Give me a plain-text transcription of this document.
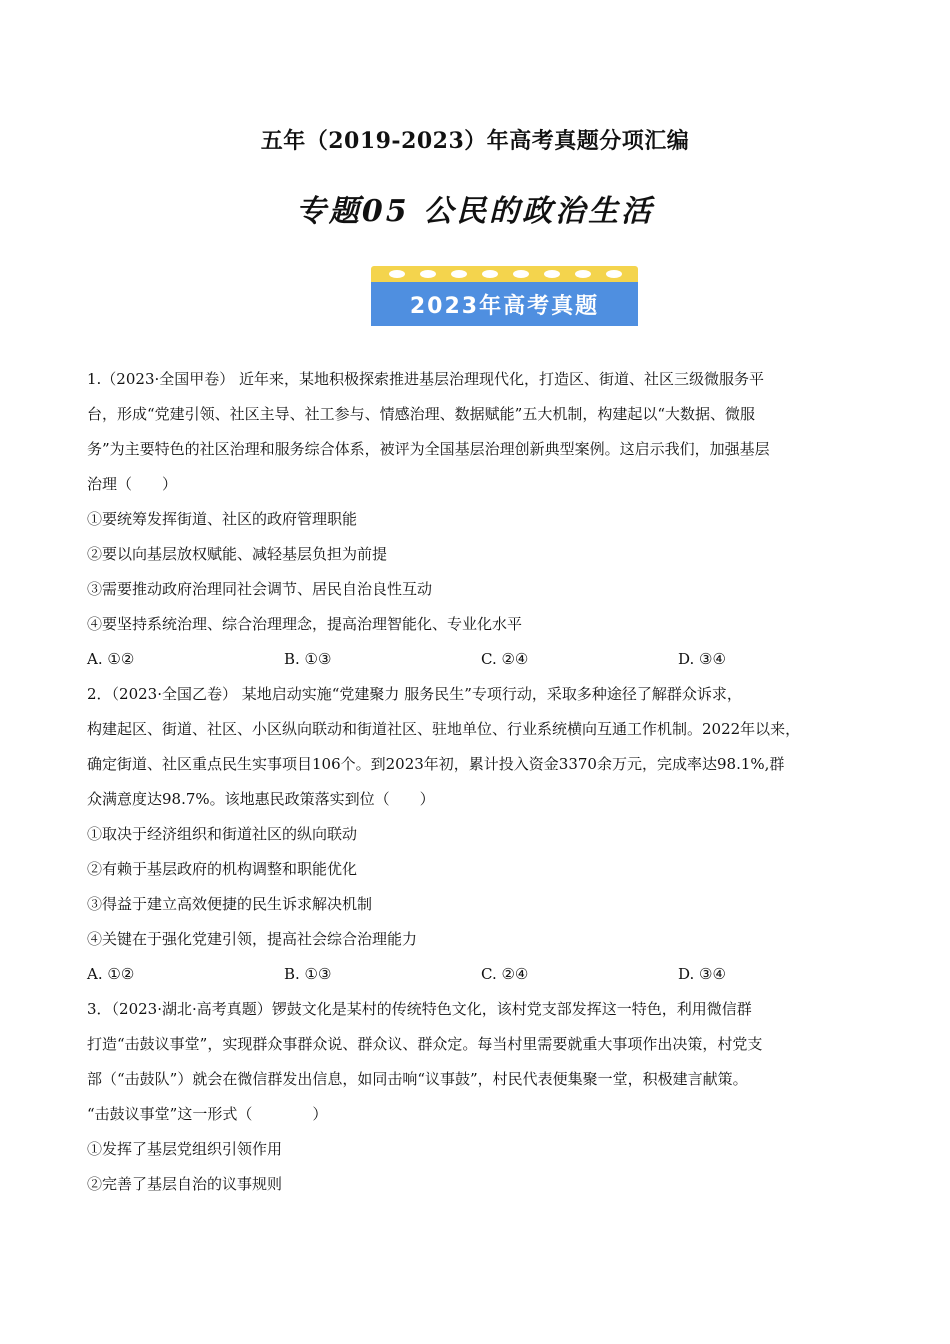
五年（2019-2023）年高考真题分项汇编
专题05 公民的政治生活
2023年高考真题
1.（2023·全国甲卷） 近年来，某地积极探索推进基层治理现代化，打造区、街道、社区三级微服务平
台，形成“党建引领、社区主导、社工参与、情感治理、数据赋能”五大机制，构建起以“大数据、微服
务”为主要特色的社区治理和服务综合体系，被评为全国基层治理创新典型案例。这启示我们，加强基层
治理（　　）
①要统筹发挥街道、社区的政府管理职能
②要以向基层放权赋能、减轻基层负担为前提
③需要推动政府治理同社会调节、居民自治良性互动
④要坚持系统治理、综合治理理念，提高治理智能化、专业化水平
A. ①②	B. ①③	C. ②④	D. ③④
2．（2023·全国乙卷） 某地启动实施“党建聚力 服务民生”专项行动，采取多种途径了解群众诉求，
构建起区、街道、社区、小区纵向联动和街道社区、驻地单位、行业系统横向互通工作机制。2022年以来，
确定街道、社区重点民生实事项目106个。到2023年初，累计投入资金3370余万元，完成率达98.1%,群
众满意度达98.7%。该地惠民政策落实到位（　　）
①取决于经济组织和街道社区的纵向联动
②有赖于基层政府的机构调整和职能优化
③得益于建立高效便捷的民生诉求解决机制
④关键在于强化党建引领，提高社会综合治理能力
A. ①②	B. ①③	C. ②④	D. ③④
3．（2023·湖北·高考真题）锣鼓文化是某村的传统特色文化，该村党支部发挥这一特色，利用微信群
打造“击鼓议事堂”，实现群众事群众说、群众议、群众定。每当村里需要就重大事项作出决策，村党支
部（“击鼓队”）就会在微信群发出信息，如同击响“议事鼓”，村民代表便集聚一堂，积极建言献策。
“击鼓议事堂”这一形式（　　　　）
①发挥了基层党组织引领作用
②完善了基层自治的议事规则
